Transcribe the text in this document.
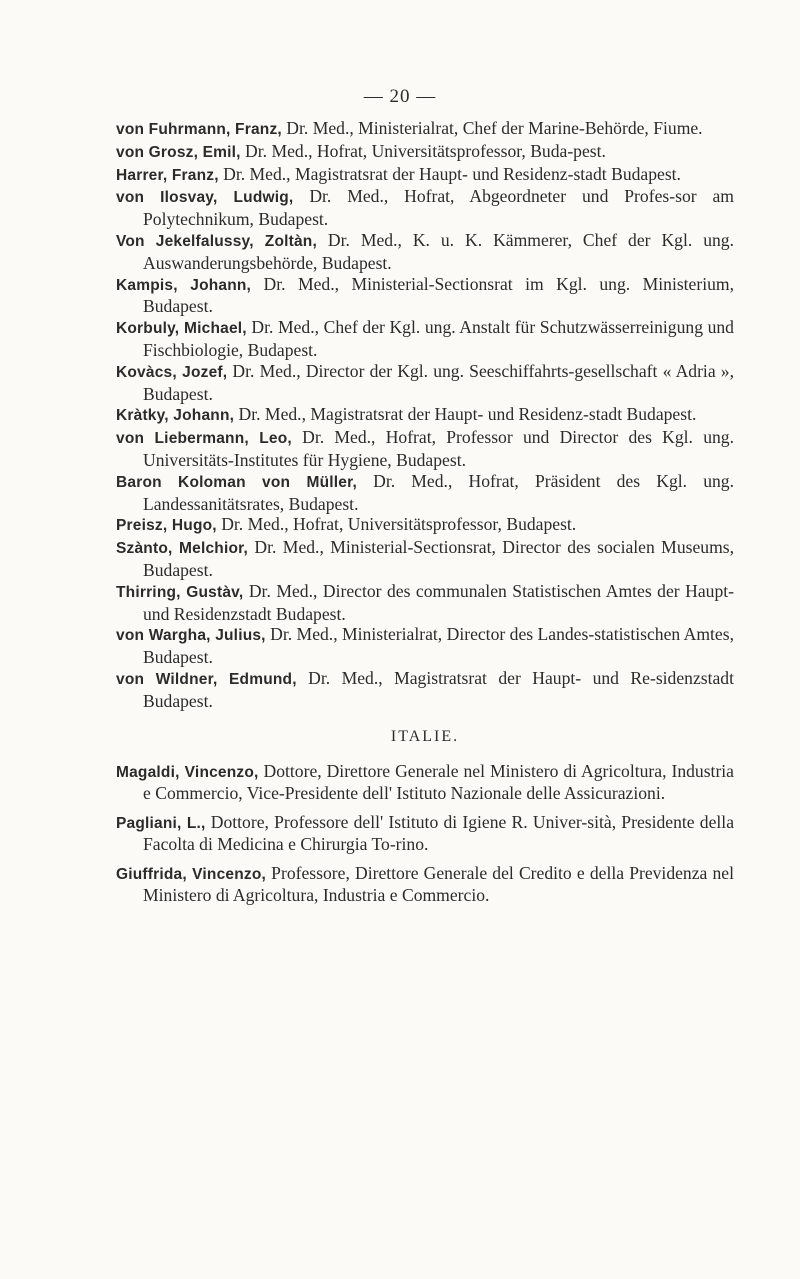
— 20 —
von Fuhrmann, Franz, Dr. Med., Ministerialrat, Chef der Marine-Behörde, Fiume.
von Grosz, Emil, Dr. Med., Hofrat, Universitätsprofessor, Buda-pest.
Harrer, Franz, Dr. Med., Magistratsrat der Haupt- und Residenz-stadt Budapest.
von Ilosvay, Ludwig, Dr. Med., Hofrat, Abgeordneter und Profes-sor am Polytechnikum, Budapest.
Von Jekelfalussy, Zoltàn, Dr. Med., K. u. K. Kämmerer, Chef der Kgl. ung. Auswanderungsbehörde, Budapest.
Kampis, Johann, Dr. Med., Ministerial-Sectionsrat im Kgl. ung. Ministerium, Budapest.
Korbuly, Michael, Dr. Med., Chef der Kgl. ung. Anstalt für Schutzwässerreinigung und Fischbiologie, Budapest.
Kovàcs, Jozef, Dr. Med., Director der Kgl. ung. Seeschiffahrts-gesellschaft « Adria », Budapest.
Kràtky, Johann, Dr. Med., Magistratsrat der Haupt- und Residenz-stadt Budapest.
von Liebermann, Leo, Dr. Med., Hofrat, Professor und Director des Kgl. ung. Universitäts-Institutes für Hygiene, Budapest.
Baron Koloman von Müller, Dr. Med., Hofrat, Präsident des Kgl. ung. Landessanitätsrates, Budapest.
Preisz, Hugo, Dr. Med., Hofrat, Universitätsprofessor, Budapest.
Szànto, Melchior, Dr. Med., Ministerial-Sectionsrat, Director des socialen Museums, Budapest.
Thirring, Gustàv, Dr. Med., Director des communalen Statistischen Amtes der Haupt- und Residenzstadt Budapest.
von Wargha, Julius, Dr. Med., Ministerialrat, Director des Landes-statistischen Amtes, Budapest.
von Wildner, Edmund, Dr. Med., Magistratsrat der Haupt- und Re-sidenzstadt Budapest.
ITALIE.
Magaldi, Vincenzo, Dottore, Direttore Generale nel Ministero di Agricoltura, Industria e Commercio, Vice-Presidente dell' Istituto Nazionale delle Assicurazioni.
Pagliani, L., Dottore, Professore dell' Istituto di Igiene R. Univer-sità, Presidente della Facolta di Medicina e Chirurgia To-rino.
Giuffrida, Vincenzo, Professore, Direttore Generale del Credito e della Previdenza nel Ministero di Agricoltura, Industria e Commercio.
